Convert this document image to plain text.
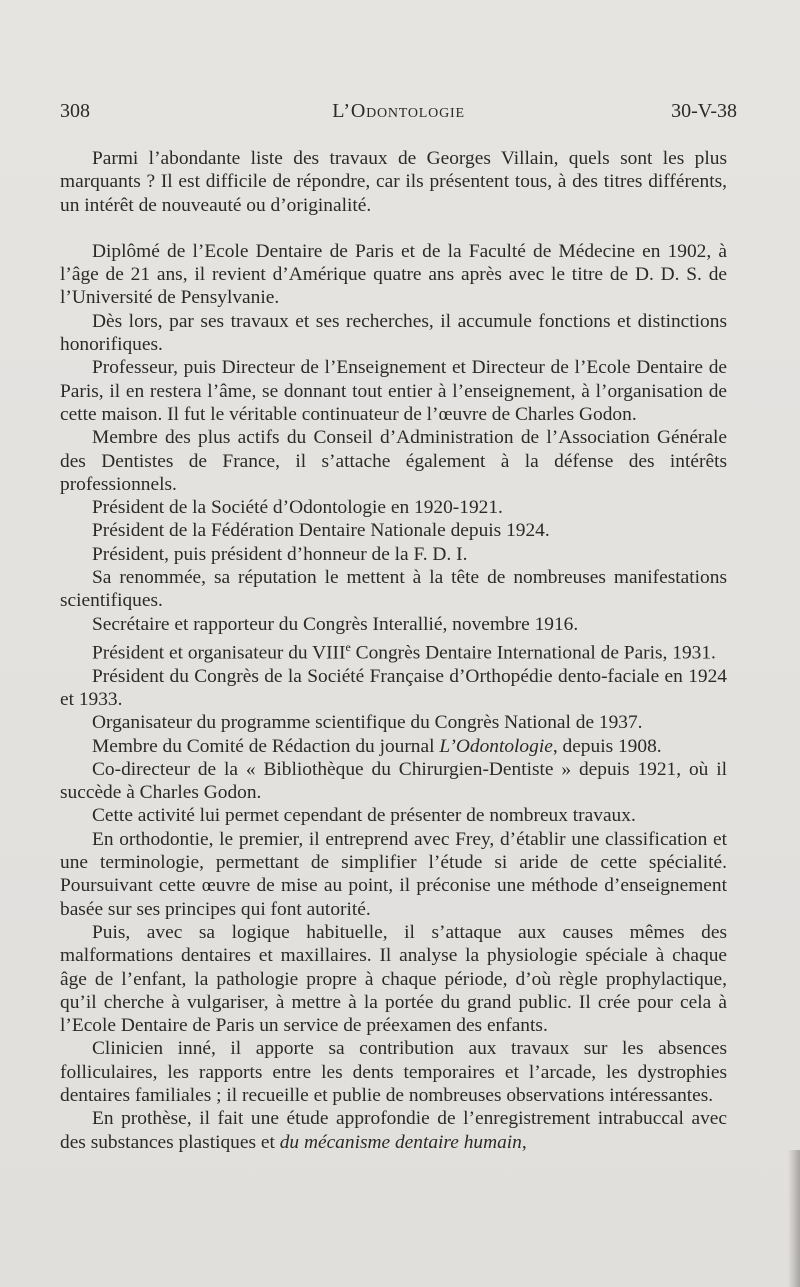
308	L’Odontologie	30-V-38

Parmi l’abondante liste des travaux de Georges Villain, quels sont les plus marquants ? Il est difficile de répondre, car ils présentent tous, à des titres différents, un intérêt de nouveauté ou d’originalité.

Diplômé de l’Ecole Dentaire de Paris et de la Faculté de Médecine en 1902, à l’âge de 21 ans, il revient d’Amérique quatre ans après avec le titre de D. D. S. de l’Université de Pensylvanie.

Dès lors, par ses travaux et ses recherches, il accumule fonctions et distinctions honorifiques.

Professeur, puis Directeur de l’Enseignement et Directeur de l’Ecole Dentaire de Paris, il en restera l’âme, se donnant tout entier à l’enseignement, à l’organisation de cette maison. Il fut le véritable continuateur de l’œuvre de Charles Godon.

Membre des plus actifs du Conseil d’Administration de l’Association Générale des Dentistes de France, il s’attache également à la défense des intérêts professionnels.

Président de la Société d’Odontologie en 1920-1921.

Président de la Fédération Dentaire Nationale depuis 1924.

Président, puis président d’honneur de la F. D. I.

Sa renommée, sa réputation le mettent à la tête de nombreuses manifestations scientifiques.

Secrétaire et rapporteur du Congrès Interallié, novembre 1916.

Président et organisateur du VIIIe Congrès Dentaire International de Paris, 1931.

Président du Congrès de la Société Française d’Orthopédie dento-faciale en 1924 et 1933.

Organisateur du programme scientifique du Congrès National de 1937.

Membre du Comité de Rédaction du journal L’Odontologie, depuis 1908.

Co-directeur de la « Bibliothèque du Chirurgien-Dentiste » depuis 1921, où il succède à Charles Godon.

Cette activité lui permet cependant de présenter de nombreux travaux.

En orthodontie, le premier, il entreprend avec Frey, d’établir une classification et une terminologie, permettant de simplifier l’étude si aride de cette spécialité. Poursuivant cette œuvre de mise au point, il préconise une méthode d’enseignement basée sur ses principes qui font autorité.

Puis, avec sa logique habituelle, il s’attaque aux causes mêmes des malformations dentaires et maxillaires. Il analyse la physiologie spéciale à chaque âge de l’enfant, la pathologie propre à chaque période, d’où règle prophylactique, qu’il cherche à vulgariser, à mettre à la portée du grand public. Il crée pour cela à l’Ecole Dentaire de Paris un service de préexamen des enfants.

Clinicien inné, il apporte sa contribution aux travaux sur les absences folliculaires, les rapports entre les dents temporaires et l’arcade, les dystrophies dentaires familiales ; il recueille et publie de nombreuses observations intéressantes.

En prothèse, il fait une étude approfondie de l’enregistrement intrabuccal avec des substances plastiques et du mécanisme dentaire humain,
